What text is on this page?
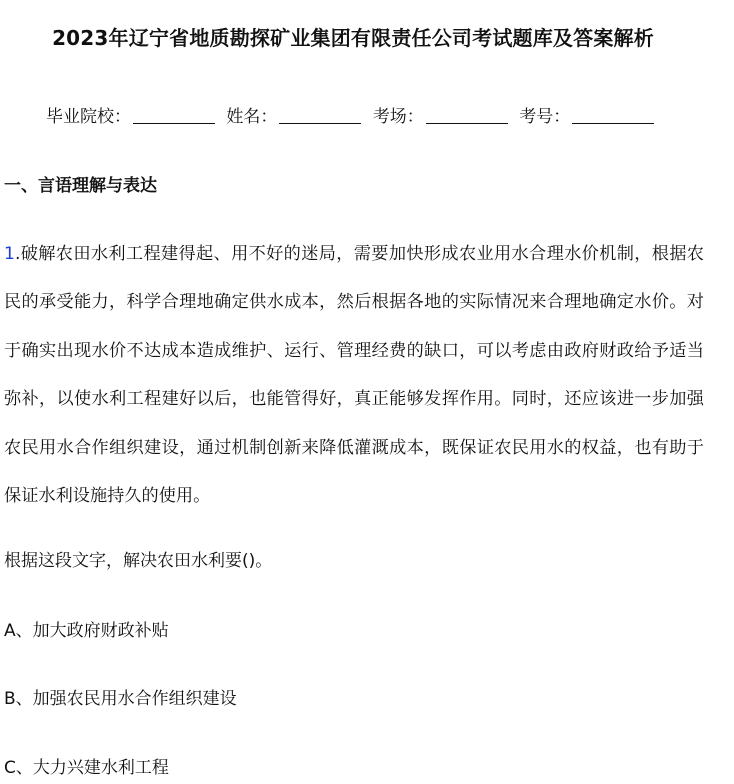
2023年辽宁省地质勘探矿业集团有限责任公司考试题库及答案解析
毕业院校：	姓名：	考场：	考号：
一、言语理解与表达
1.破解农田水利工程建得起、用不好的迷局，需要加快形成农业用水合理水价机制，根据农民的承受能力，科学合理地确定供水成本，然后根据各地的实际情况来合理地确定水价。对于确实出现水价不达成本造成维护、运行、管理经费的缺口，可以考虑由政府财政给予适当弥补，以使水利工程建好以后，也能管得好，真正能够发挥作用。同时，还应该进一步加强农民用水合作组织建设，通过机制创新来降低灌溉成本，既保证农民用水的权益，也有助于保证水利设施持久的使用。
根据这段文字，解决农田水利要()。
A、加大政府财政补贴
B、加强农民用水合作组织建设
C、大力兴建水利工程
